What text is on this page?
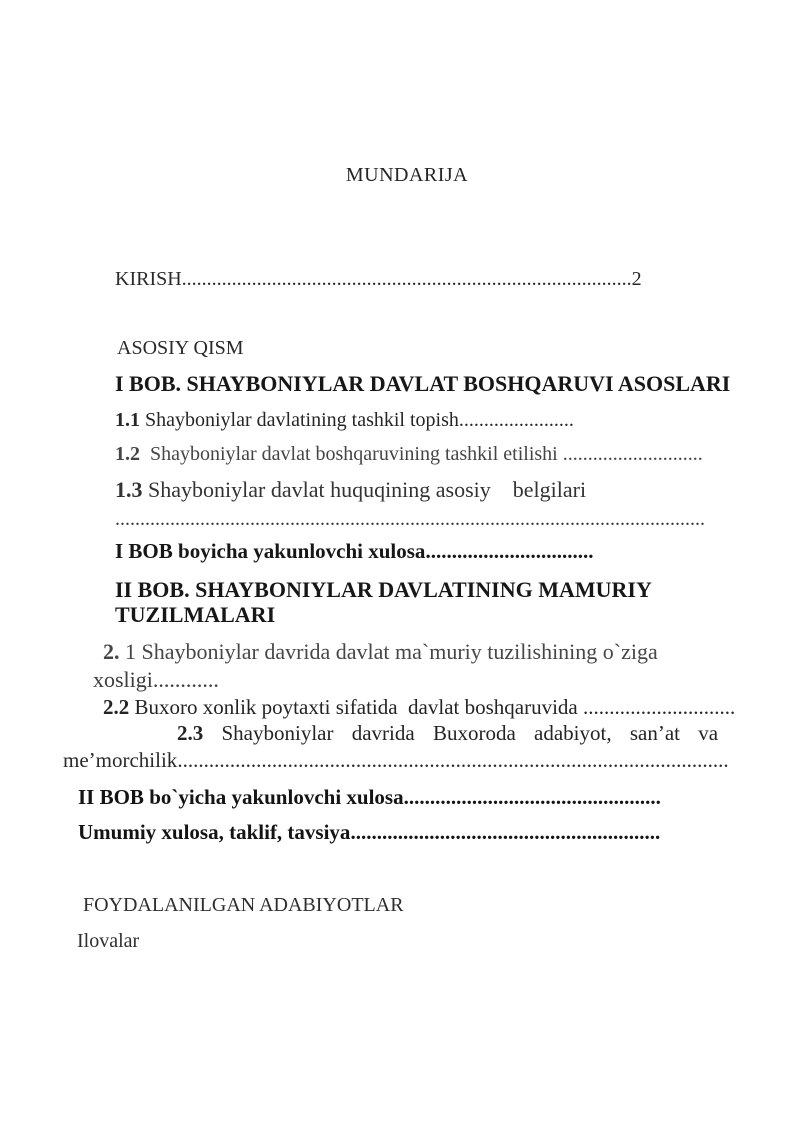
MUNDARIJA
KIRISH..........................................................................................2
ASOSIY QISM
I BOB. SHAYBONIYLAR DAVLAT BOSHQARUVI ASOSLARI
1.1 Shayboniylar davlatining tashkil topish.......................
1.2  Shayboniylar davlat boshqaruvining tashkil etilishi ............................
1.3 Shayboniylar davlat huquqining asosiy    belgilari
......................................................................................................................
I BOB boyicha yakunlovchi xulosa................................
II BOB. SHAYBONIYLAR DAVLATINING MAMURIY
TUZILMALARI
2. 1 Shayboniylar davrida davlat ma`muriy tuzilishining o`ziga
xosligi............
2.2 Buxoro xonlik poytaxti sifatida  davlat boshqaruvida .............................
2.3 Shayboniylar davrida Buxoroda adabiyot, san’at va
me’morchilik.........................................................................................................
II BOB bo`yicha yakunlovchi xulosa.................................................
Umumiy xulosa, taklif, tavsiya...........................................................
FOYDALANILGAN ADABIYOTLAR
Ilovalar
